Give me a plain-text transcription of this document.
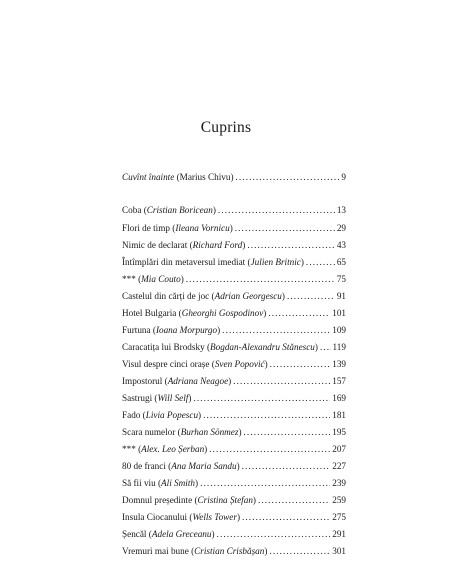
Cuprins
Cuvînt înainte (Marius Chivu) . . .	9
Coba (Cristian Boricean) . . .	13
Flori de timp (Ileana Vornicu) . . .	29
Nimic de declarat (Richard Ford) . . .	43
Întîmplări din metaversul imediat (Julien Britnic) . . .	65
*** (Mia Couto) . . .	75
Castelul din cărți de joc (Adrian Georgescu) . . .	91
Hotel Bulgaria (Gheorghi Gospodinov) . . .	101
Furtuna (Ioana Morpurgo) . . .	109
Caracatița lui Brodsky (Bogdan-Alexandru Stănescu) . . . 119
Visul despre cinci orașe (Sven Popović) . . .	139
Impostorul (Adriana Neagoe) . . .	157
Sastrugi (Will Self) . . .	169
Fado (Livia Popescu) . . .	181
Scara numelor (Burhan Sönmez) . . .	195
*** (Alex. Leo Șerban) . . .	207
80 de franci (Ana Maria Sandu) . . .	227
Să fii viu (Ali Smith) . . .	239
Domnul președinte (Cristina Ștefan) . . .	259
Insula Ciocanului (Wells Tower) . . .	275
Șencăl (Adela Greceanu) . . .	291
Vremuri mai bune (Cristian Crisbășan) . . .	301
